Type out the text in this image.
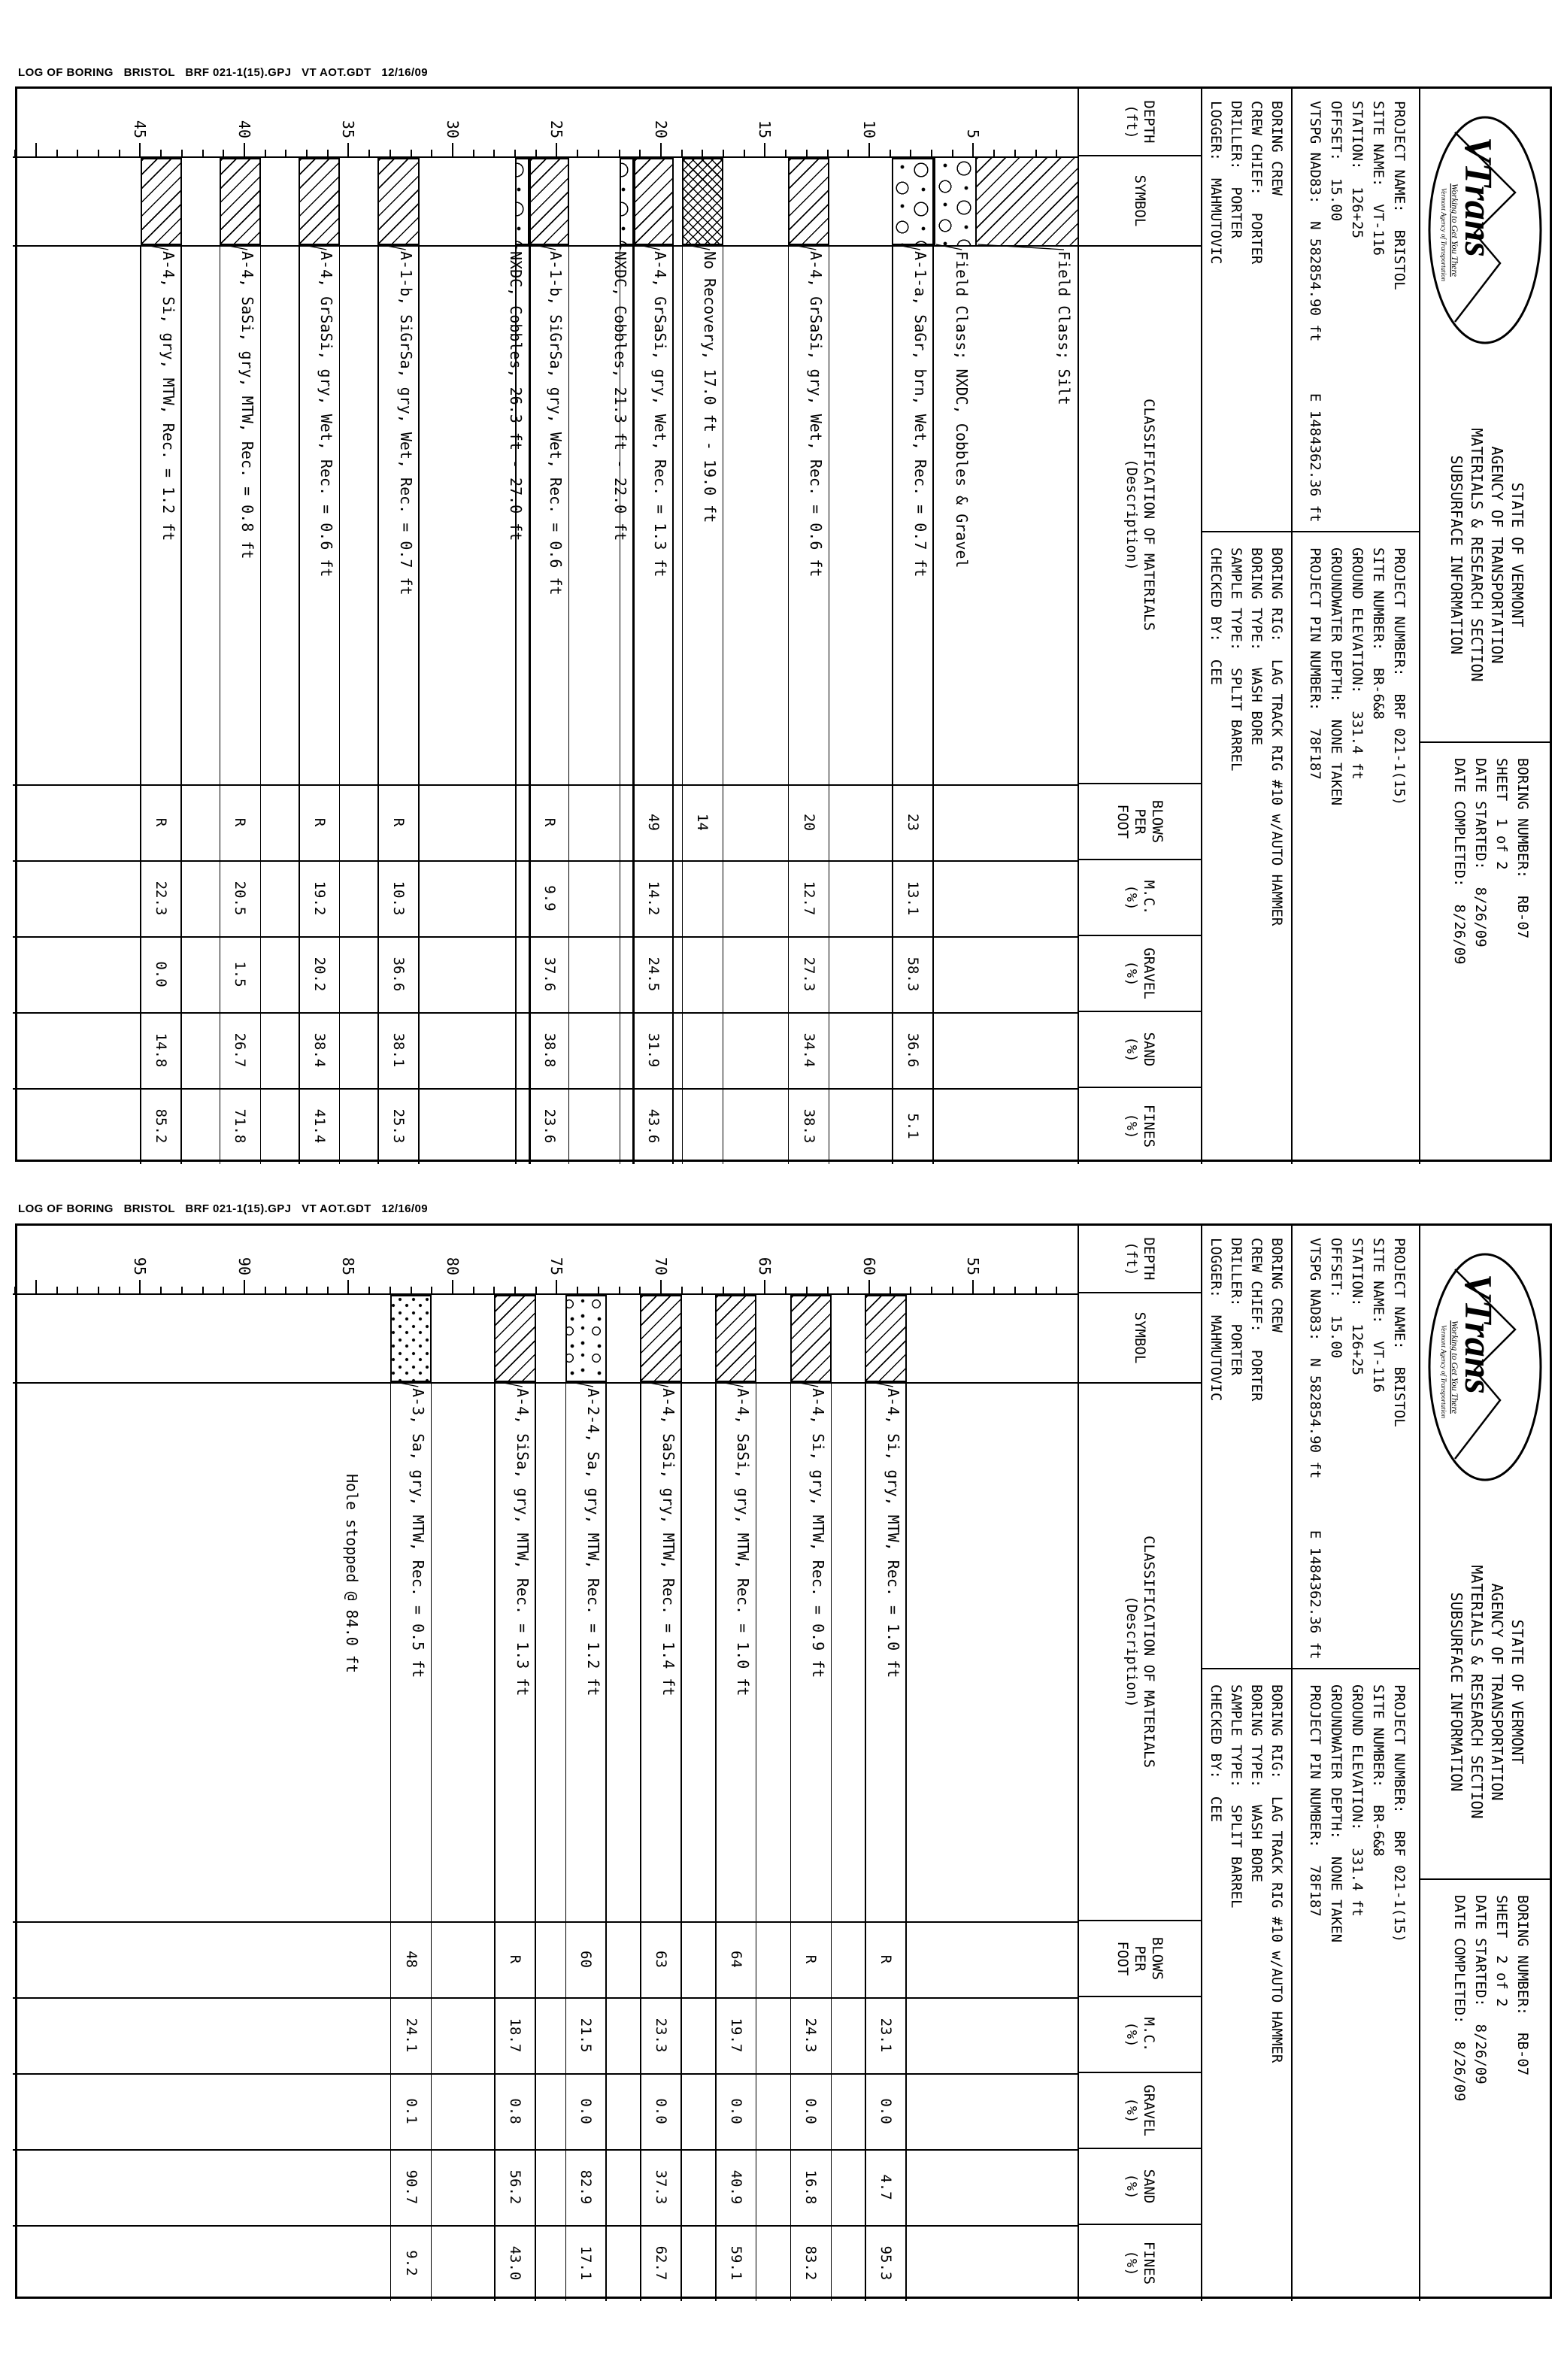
LOG OF BORING   BRISTOL   BRF 021-1(15).GPJ   VT AOT.GDT   12/16/09
LOG OF BORING   BRISTOL   BRF 021-1(15).GPJ   VT AOT.GDT   12/16/09
VTrans
Working to Get You There
Vermont Agency of Transportation
STATE OF VERMONT
AGENCY OF TRANSPORTATION
MATERIALS & RESEARCH SECTION
SUBSURFACE INFORMATION
BORING NUMBER:  RB-07
SHEET  1 of 2
DATE STARTED:  8/26/09
DATE COMPLETED:  8/26/09
PROJECT NAME:  BRISTOL
SITE NAME:  VT-116
STATION:  126+25
OFFSET:  15.00
VTSPG NAD83:  N 582854.90 ft      E 1484362.36 ft
PROJECT NUMBER:  BRF 021-1(15)
SITE NUMBER:  BR-6&8
GROUND ELEVATION:  331.4 ft
GROUNDWATER DEPTH:  NONE TAKEN
PROJECT PIN NUMBER:  78F187
BORING CREW
CREW CHIEF:  PORTER
DRILLER:  PORTER
LOGGER:  MAHMUTOVIC
BORING RIG:  LAG TRACK RIG #10 w/AUTO HAMMER
BORING TYPE:  WASH BORE
SAMPLE TYPE:  SPLIT BARREL
CHECKED BY:  CEE
DEPTH
(ft)
SYMBOL
CLASSIFICATION OF MATERIALS
(Description)
BLOWS
PER
FOOT
M.C.
(%)
GRAVEL
(%)
SAND
(%)
FINES
(%)
5
10
15
20
25
30
35
40
45
23
13.1
58.3
36.6
5.1
20
12.7
27.3
34.4
38.3
14
49
14.2
24.5
31.9
43.6
R
9.9
37.6
38.8
23.6
R
10.3
36.6
38.1
25.3
R
19.2
20.2
38.4
41.4
R
20.5
1.5
26.7
71.8
R
22.3
0.0
14.8
85.2
Field Class; Silt
Field Class; NXDC, Cobbles & Gravel
A-1-a, SaGr, brn, Wet, Rec. = 0.7 ft
A-4, GrSaSi, gry, Wet, Rec. = 0.6 ft
No Recovery, 17.0 ft - 19.0 ft
A-4, GrSaSi, gry, Wet, Rec. = 1.3 ft
NXDC, Cobbles, 21.3 ft - 22.0 ft
A-1-b, SiGrSa, gry, Wet, Rec. = 0.6 ft
NXDC, Cobbles, 26.3 ft - 27.0 ft
A-1-b, SiGrSa, gry, Wet, Rec. = 0.7 ft
A-4, GrSaSi, gry, Wet, Rec. = 0.6 ft
A-4, SaSi, gry, MTW, Rec. = 0.8 ft
A-4, Si, gry, MTW, Rec. = 1.2 ft
VTrans
Working to Get You There
Vermont Agency of Transportation
STATE OF VERMONT
AGENCY OF TRANSPORTATION
MATERIALS & RESEARCH SECTION
SUBSURFACE INFORMATION
BORING NUMBER:  RB-07
SHEET  2 of 2
DATE STARTED:  8/26/09
DATE COMPLETED:  8/26/09
PROJECT NAME:  BRISTOL
SITE NAME:  VT-116
STATION:  126+25
OFFSET:  15.00
VTSPG NAD83:  N 582854.90 ft      E 1484362.36 ft
PROJECT NUMBER:  BRF 021-1(15)
SITE NUMBER:  BR-6&8
GROUND ELEVATION:  331.4 ft
GROUNDWATER DEPTH:  NONE TAKEN
PROJECT PIN NUMBER:  78F187
BORING CREW
CREW CHIEF:  PORTER
DRILLER:  PORTER
LOGGER:  MAHMUTOVIC
BORING RIG:  LAG TRACK RIG #10 w/AUTO HAMMER
BORING TYPE:  WASH BORE
SAMPLE TYPE:  SPLIT BARREL
CHECKED BY:  CEE
DEPTH
(ft)
SYMBOL
CLASSIFICATION OF MATERIALS
(Description)
BLOWS
PER
FOOT
M.C.
(%)
GRAVEL
(%)
SAND
(%)
FINES
(%)
55
60
65
70
75
80
85
90
95
R
23.1
0.0
4.7
95.3
R
24.3
0.0
16.8
83.2
64
19.7
0.0
40.9
59.1
63
23.3
0.0
37.3
62.7
60
21.5
0.0
82.9
17.1
R
18.7
0.8
56.2
43.0
48
24.1
0.1
90.7
9.2
A-4, Si, gry, MTW, Rec. = 1.0 ft
A-4, Si, gry, MTW, Rec. = 0.9 ft
A-4, SaSi, gry, MTW, Rec. = 1.0 ft
A-4, SaSi, gry, MTW, Rec. = 1.4 ft
A-2-4, Sa, gry, MTW, Rec. = 1.2 ft
A-4, SiSa, gry, MTW, Rec. = 1.3 ft
A-3, Sa, gry, MTW, Rec. = 0.5 ft
Hole stopped @ 84.0 ft
